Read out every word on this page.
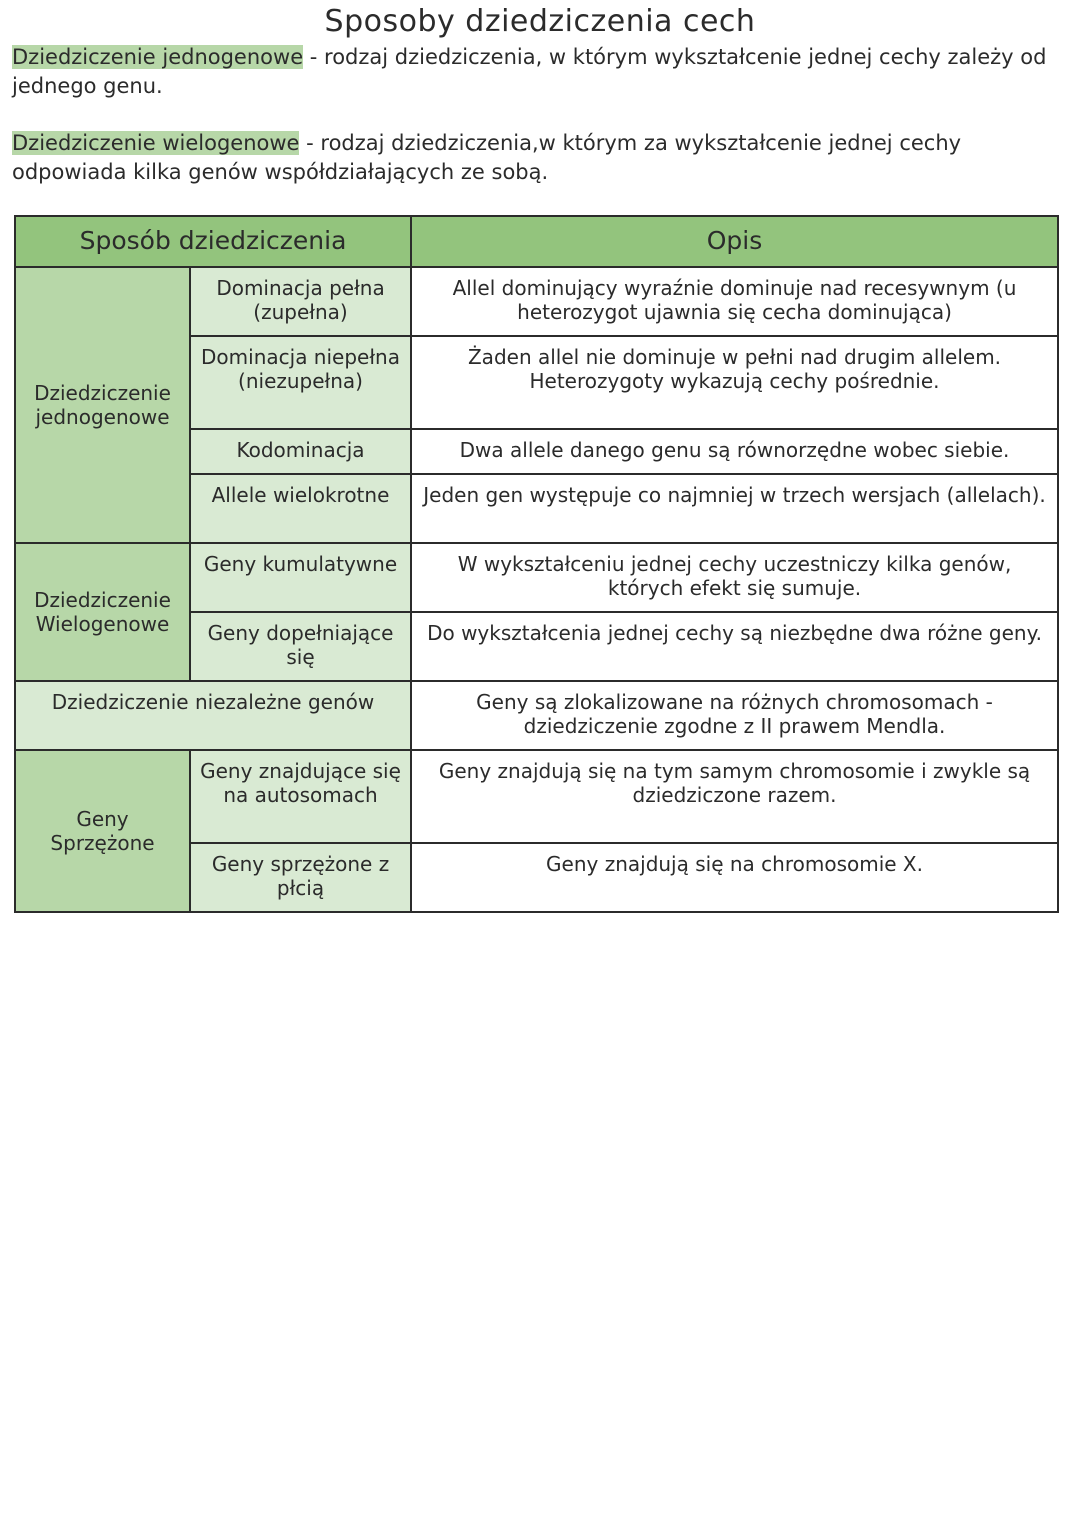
Sposoby dziedziczenia cech
Dziedziczenie jednogenowe - rodzaj dziedziczenia, w którym wykształcenie jednej cechy zależy od jednego genu.
Dziedziczenie wielogenowe - rodzaj dziedziczenia,w którym za wykształcenie jednej cechy odpowiada kilka genów współdziałających ze sobą.
Sposób dziedziczenia		Opis
Dziedziczenie jednogenowe	Dominacja pełna (zupełna)	Allel dominujący wyraźnie dominuje nad recesywnym (u heterozygot ujawnia się cecha dominująca)
	Dominacja niepełna (niezupełna)	Żaden allel nie dominuje w pełni nad drugim allelem. Heterozygoty wykazują cechy pośrednie.
	Kodominacja	Dwa allele danego genu są równorzędne wobec siebie.
	Allele wielokrotne	Jeden gen występuje co najmniej w trzech wersjach (allelach).
Dziedziczenie Wielogenowe	Geny kumulatywne	W wykształceniu jednej cechy uczestniczy kilka genów, których efekt się sumuje.
	Geny dopełniające się	Do wykształcenia jednej cechy są niezbędne dwa różne geny.
Dziedziczenie niezależne genów		Geny są zlokalizowane na różnych chromosomach - dziedziczenie zgodne z II prawem Mendla.
Geny Sprzężone	Geny znajdujące się na autosomach	Geny znajdują się na tym samym chromosomie i zwykle są dziedziczone razem.
	Geny sprzężone z płcią	Geny znajdują się na chromosomie X.
